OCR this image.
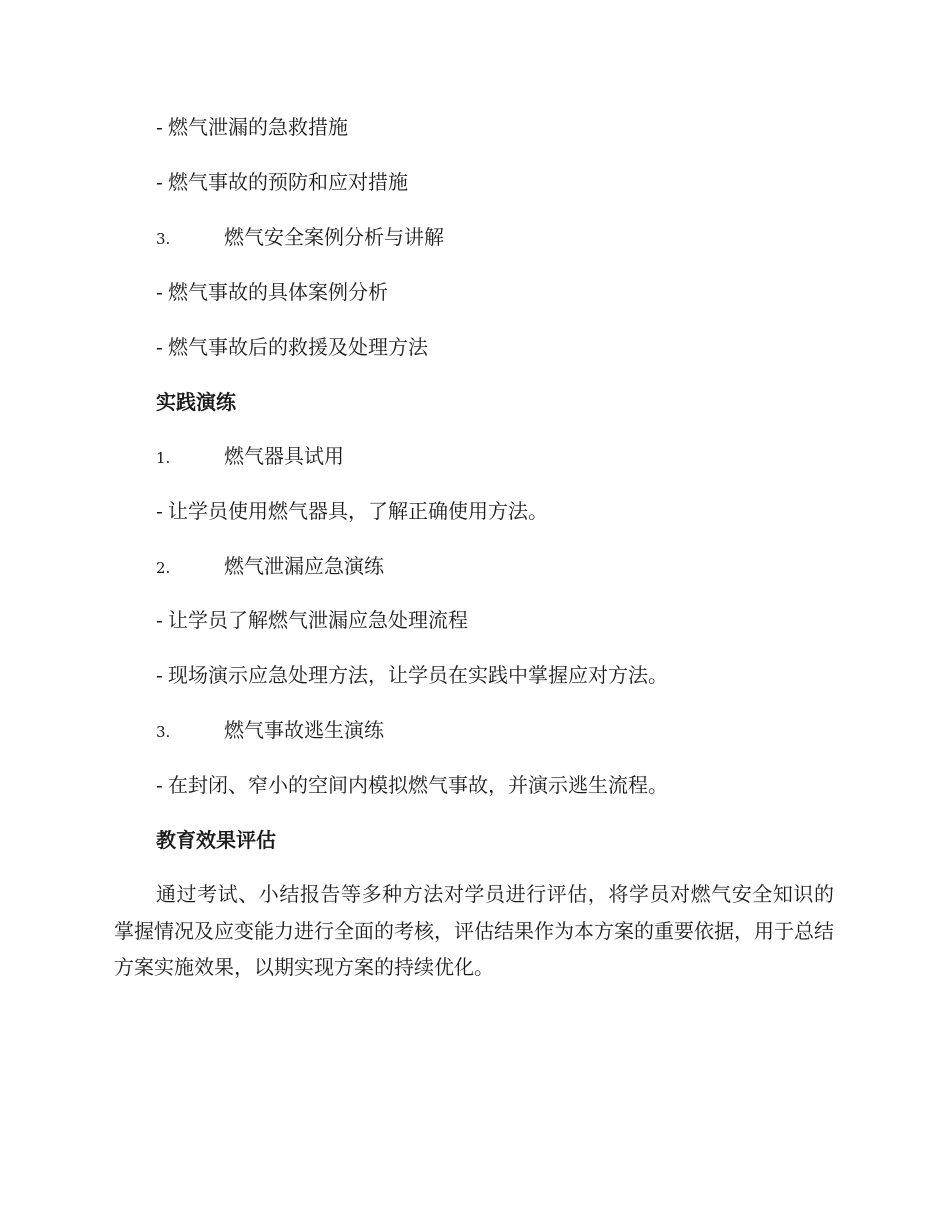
- 燃气泄漏的急救措施
- 燃气事故的预防和应对措施
3.	燃气安全案例分析与讲解
- 燃气事故的具体案例分析
- 燃气事故后的救援及处理方法
实践演练
1.	燃气器具试用
- 让学员使用燃气器具，了解正确使用方法。
2.	燃气泄漏应急演练
- 让学员了解燃气泄漏应急处理流程
- 现场演示应急处理方法，让学员在实践中掌握应对方法。
3.	燃气事故逃生演练
- 在封闭、窄小的空间内模拟燃气事故，并演示逃生流程。
教育效果评估
通过考试、小结报告等多种方法对学员进行评估，将学员对燃气安全知识的掌握情况及应变能力进行全面的考核，评估结果作为本方案的重要依据，用于总结方案实施效果，以期实现方案的持续优化。
